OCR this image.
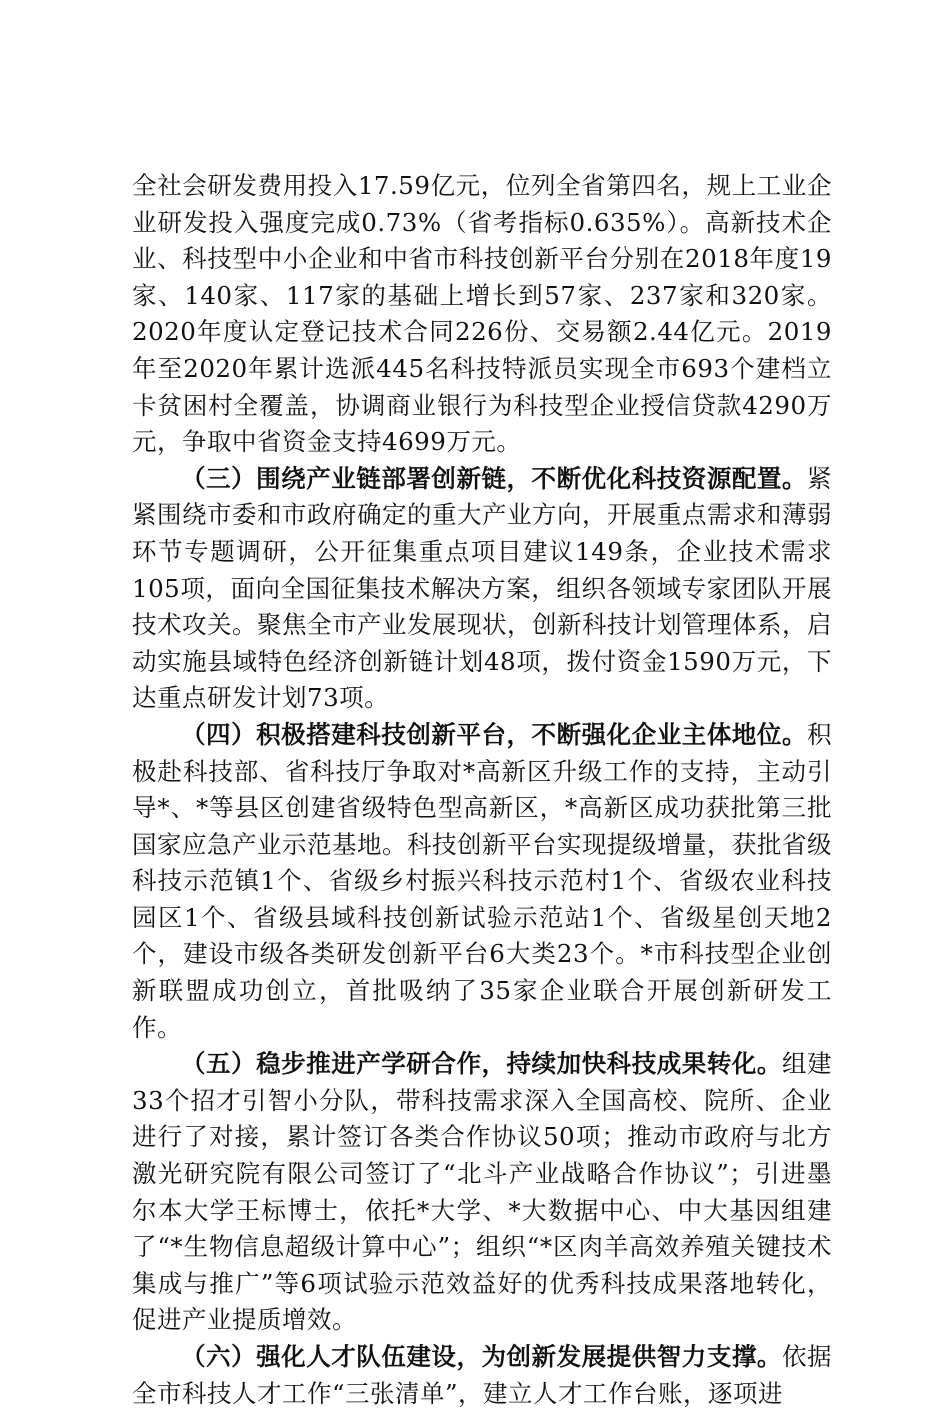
全社会研发费用投入17.59亿元，位列全省第四名，规上工业企业研发投入强度完成0.73%（省考指标0.635%）。高新技术企业、科技型中小企业和中省市科技创新平台分别在2018年度19家、140家、117家的基础上增长到57家、237家和320家。2020年度认定登记技术合同226份、交易额2.44亿元。2019年至2020年累计选派445名科技特派员实现全市693个建档立卡贫困村全覆盖，协调商业银行为科技型企业授信贷款4290万元，争取中省资金支持4699万元。

（三）围绕产业链部署创新链，不断优化科技资源配置。紧紧围绕市委和市政府确定的重大产业方向，开展重点需求和薄弱环节专题调研，公开征集重点项目建议149条，企业技术需求105项，面向全国征集技术解决方案，组织各领域专家团队开展技术攻关。聚焦全市产业发展现状，创新科技计划管理体系，启动实施县域特色经济创新链计划48项，拨付资金1590万元，下达重点研发计划73项。

（四）积极搭建科技创新平台，不断强化企业主体地位。积极赴科技部、省科技厅争取对*高新区升级工作的支持，主动引导*、*等县区创建省级特色型高新区，*高新区成功获批第三批国家应急产业示范基地。科技创新平台实现提级增量，获批省级科技示范镇1个、省级乡村振兴科技示范村1个、省级农业科技园区1个、省级县域科技创新试验示范站1个、省级星创天地2个，建设市级各类研发创新平台6大类23个。*市科技型企业创新联盟成功创立，首批吸纳了35家企业联合开展创新研发工作。

（五）稳步推进产学研合作，持续加快科技成果转化。组建33个招才引智小分队，带科技需求深入全国高校、院所、企业进行了对接，累计签订各类合作协议50项；推动市政府与北方激光研究院有限公司签订了“北斗产业战略合作协议”；引进墨尔本大学王标博士，依托*大学、*大数据中心、中大基因组建了“*生物信息超级计算中心”；组织“*区肉羊高效养殖关键技术集成与推广”等6项试验示范效益好的优秀科技成果落地转化，促进产业提质增效。

（六）强化人才队伍建设，为创新发展提供智力支撑。依据全市科技人才工作“三张清单”，建立人才工作台账，逐项进
